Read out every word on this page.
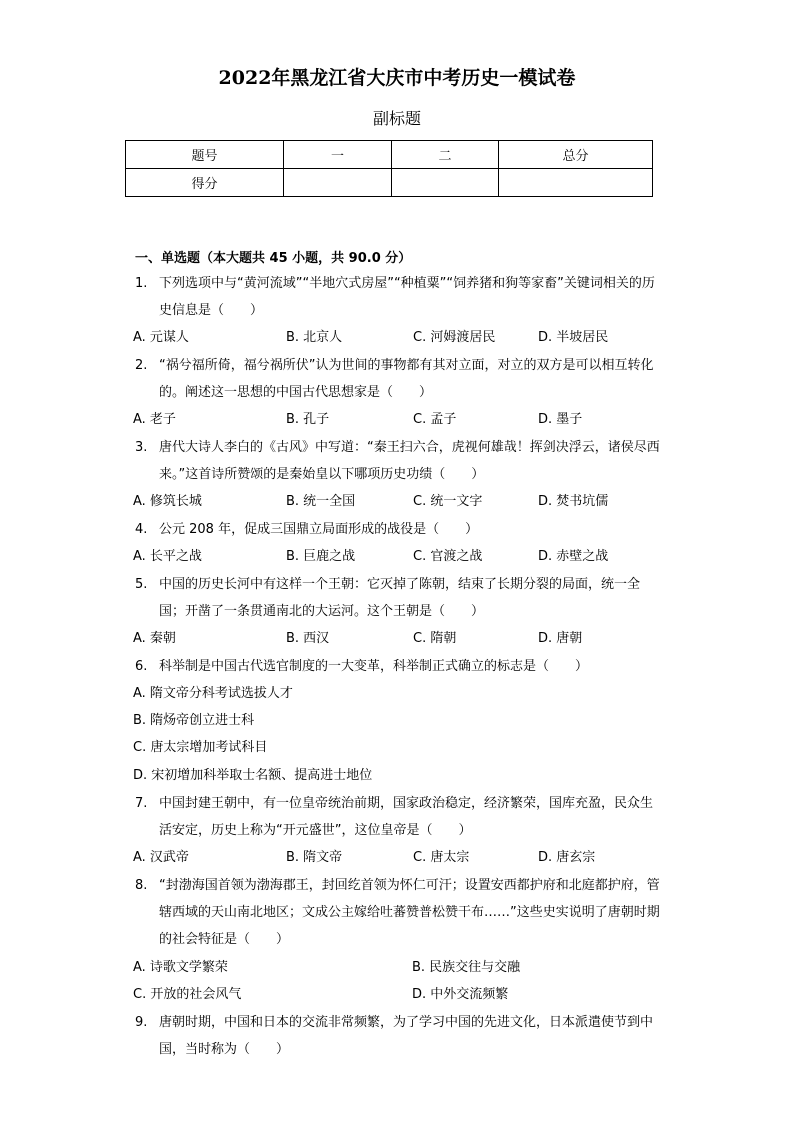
2022年黑龙江省大庆市中考历史一模试卷
副标题
题号	一	二	总分
得分			
一、单选题（本大题共 45 小题，共 90.0 分）
1. 下列选项中与“黄河流域”“半地穴式房屋”“种植粟”“饲养猪和狗等家畜”关键词相关的历史信息是（　　）
A. 元谋人	B. 北京人	C. 河姆渡居民	D. 半坡居民
2. “祸兮福所倚，福兮祸所伏”认为世间的事物都有其对立面，对立的双方是可以相互转化的。阐述这一思想的中国古代思想家是（　　）
A. 老子	B. 孔子	C. 孟子	D. 墨子
3. 唐代大诗人李白的《古风》中写道：“秦王扫六合，虎视何雄哉！挥剑决浮云，诸侯尽西来。”这首诗所赞颂的是秦始皇以下哪项历史功绩（　　）
A. 修筑长城	B. 统一全国	C. 统一文字	D. 焚书坑儒
4. 公元 208 年，促成三国鼎立局面形成的战役是（　　）
A. 长平之战	B. 巨鹿之战	C. 官渡之战	D. 赤壁之战
5. 中国的历史长河中有这样一个王朝：它灭掉了陈朝，结束了长期分裂的局面，统一全国；开凿了一条贯通南北的大运河。这个王朝是（　　）
A. 秦朝	B. 西汉	C. 隋朝	D. 唐朝
6. 科举制是中国古代选官制度的一大变革，科举制正式确立的标志是（　　）
A. 隋文帝分科考试选拔人才
B. 隋炀帝创立进士科
C. 唐太宗增加考试科目
D. 宋初增加科举取士名额、提高进士地位
7. 中国封建王朝中，有一位皇帝统治前期，国家政治稳定，经济繁荣，国库充盈，民众生活安定，历史上称为“开元盛世”，这位皇帝是（　　）
A. 汉武帝	B. 隋文帝	C. 唐太宗	D. 唐玄宗
8. “封渤海国首领为渤海郡王，封回纥首领为怀仁可汗；设置安西都护府和北庭都护府，管辖西域的天山南北地区；文成公主嫁给吐蕃赞普松赞干布……”这些史实说明了唐朝时期的社会特征是（　　）
A. 诗歌文学繁荣	B. 民族交往与交融
C. 开放的社会风气	D. 中外交流频繁
9. 唐朝时期，中国和日本的交流非常频繁，为了学习中国的先进文化，日本派遣使节到中国，当时称为（　　）
